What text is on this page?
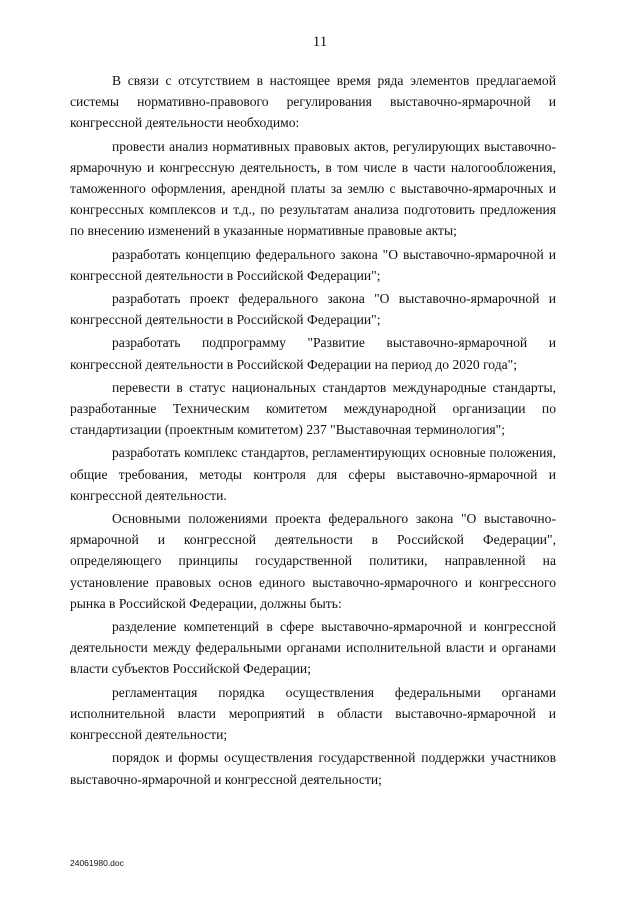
11

В связи с отсутствием в настоящее время ряда элементов предлагаемой системы нормативно-правового регулирования выставочно-ярмарочной и конгрессной деятельности необходимо:

провести анализ нормативных правовых актов, регулирующих выставочно-ярмарочную и конгрессную деятельность, в том числе в части налогообложения, таможенного оформления, арендной платы за землю с выставочно-ярмарочных и конгрессных комплексов и т.д., по результатам анализа подготовить предложения по внесению изменений в указанные нормативные правовые акты;

разработать концепцию федерального закона "О выставочно-ярмарочной и конгрессной деятельности в Российской Федерации";

разработать проект федерального закона "О выставочно-ярмарочной и конгрессной деятельности в Российской Федерации";

разработать подпрограмму "Развитие выставочно-ярмарочной и конгрессной деятельности в Российской Федерации на период до 2020 года";

перевести в статус национальных стандартов международные стандарты, разработанные Техническим комитетом международной организации по стандартизации (проектным комитетом) 237 "Выставочная терминология";

разработать комплекс стандартов, регламентирующих основные положения, общие требования, методы контроля для сферы выставочно-ярмарочной и конгрессной деятельности.

Основными положениями проекта федерального закона "О выставочно-ярмарочной и конгрессной деятельности в Российской Федерации", определяющего принципы государственной политики, направленной на установление правовых основ единого выставочно-ярмарочного и конгрессного рынка в Российской Федерации, должны быть:

разделение компетенций в сфере выставочно-ярмарочной и конгрессной деятельности между федеральными органами исполнительной власти и органами власти субъектов Российской Федерации;

регламентация порядка осуществления федеральными органами исполнительной власти мероприятий в области выставочно-ярмарочной и конгрессной деятельности;

порядок и формы осуществления государственной поддержки участников выставочно-ярмарочной и конгрессной деятельности;

24061980.doc
